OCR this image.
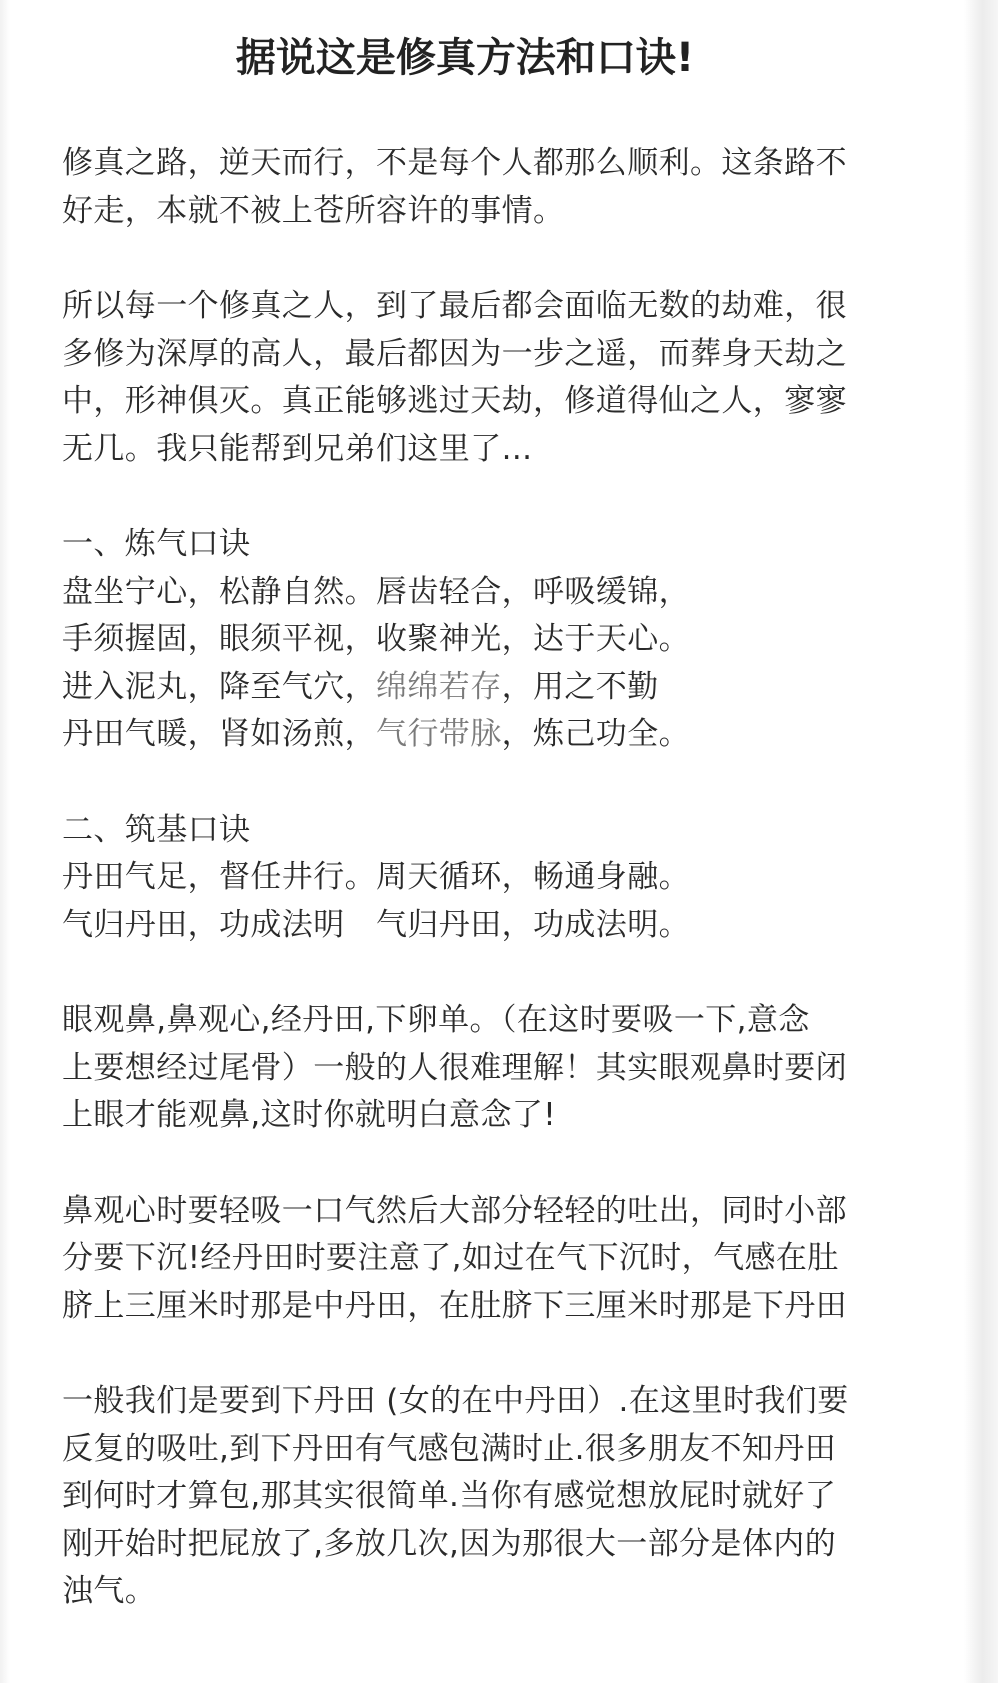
据说这是修真方法和口诀!
修真之路，逆天而行，不是每个人都那么顺利。这条路不
好走，本就不被上苍所容许的事情。
所以每一个修真之人，到了最后都会面临无数的劫难，很
多修为深厚的高人，最后都因为一步之遥，而葬身天劫之
中，形神俱灭。真正能够逃过天劫，修道得仙之人，寥寥
无几。我只能帮到兄弟们这里了...
一、炼气口诀
盘坐宁心，松静自然。唇齿轻合，呼吸缓锦，
手须握固，眼须平视，收聚神光，达于天心。
进入泥丸，降至气穴，绵绵若存，用之不勤
丹田气暖，肾如汤煎，气行带脉，炼己功全。
二、筑基口诀
丹田气足，督任井行。周天循环，畅通身融。
气归丹田，功成法明　气归丹田，功成法明。
眼观鼻,鼻观心,经丹田,下卵单。（在这时要吸一下,意念
上要想经过尾骨）一般的人很难理解！其实眼观鼻时要闭
上眼才能观鼻,这时你就明白意念了!
鼻观心时要轻吸一口气然后大部分轻轻的吐出，同时小部
分要下沉!经丹田时要注意了,如过在气下沉时，气感在肚
脐上三厘米时那是中丹田，在肚脐下三厘米时那是下丹田
一般我们是要到下丹田 (女的在中丹田）.在这里时我们要
反复的吸吐,到下丹田有气感包满时止.很多朋友不知丹田
到何时才算包,那其实很简单.当你有感觉想放屁时就好了
刚开始时把屁放了,多放几次,因为那很大一部分是体内的
浊气。
